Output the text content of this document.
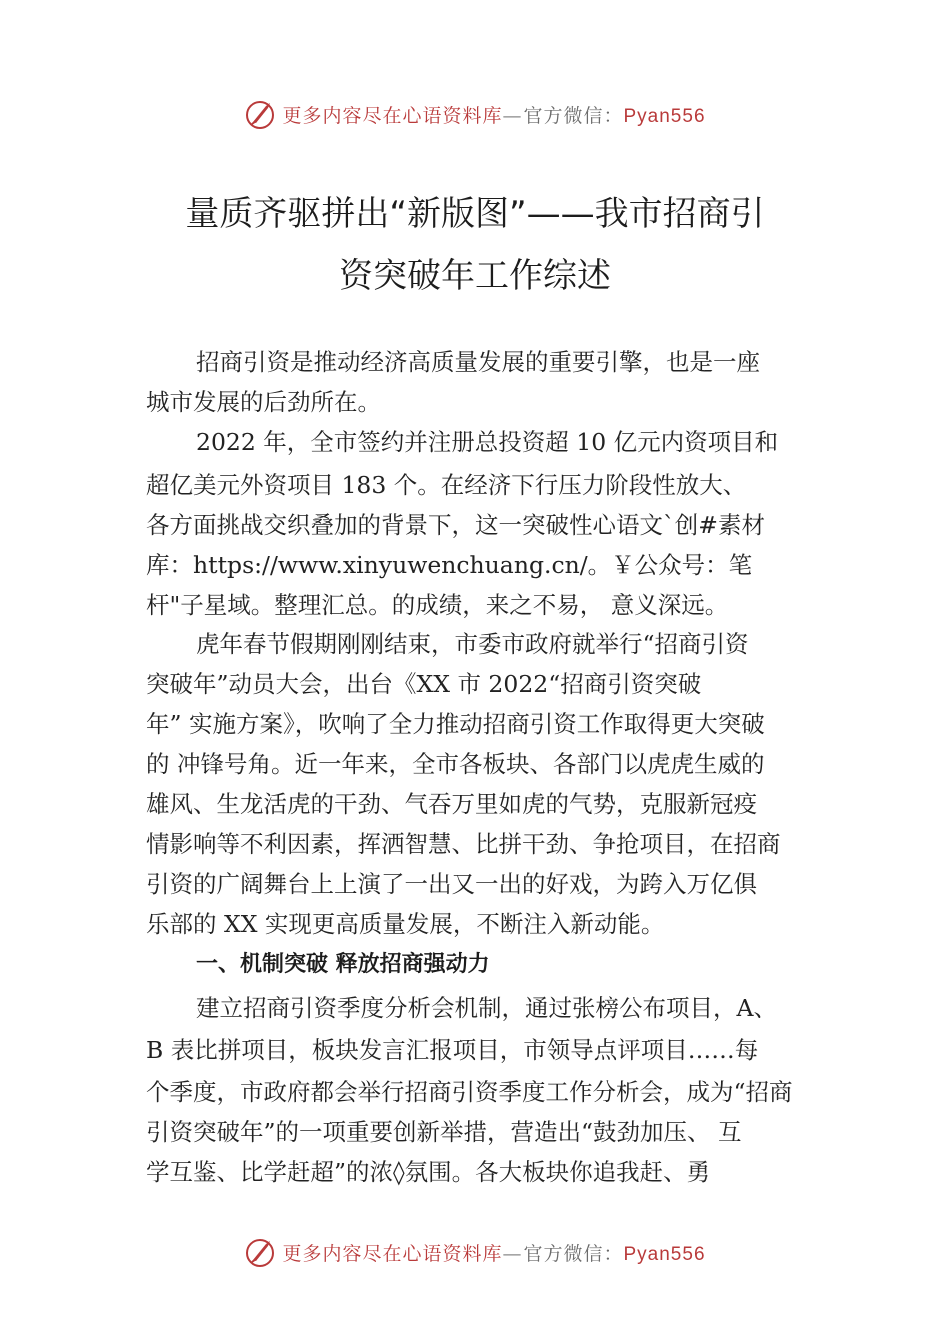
更多内容尽在心语资料库—官方微信：Pyan556
量质齐驱拼出“新版图”——我市招商引
资突破年工作综述
招商引资是推动经济高质量发展的重要引擎，也是一座
城市发展的后劲所在。
2022 年，全市签约并注册总投资超 10 亿元内资项目和
超亿美元外资项目 183 个。在经济下行压力阶段性放大、
各方面挑战交织叠加的背景下，这一突破性心语文`创#素材
库：https://www.xinyuwenchuang.cn/。￥公众号：笔
杆"子星域。整理汇总。的成绩，来之不易， 意义深远。
虎年春节假期刚刚结束，市委市政府就举行“招商引资
突破年”动员大会，出台《XX 市 2022“招商引资突破
年” 实施方案》，吹响了全力推动招商引资工作取得更大突破
的 冲锋号角。近一年来，全市各板块、各部门以虎虎生威的
雄风、生龙活虎的干劲、气吞万里如虎的气势，克服新冠疫
情影响等不利因素，挥洒智慧、比拼干劲、争抢项目，在招商
引资的广阔舞台上上演了一出又一出的好戏，为跨入万亿俱
乐部的 XX 实现更高质量发展，不断注入新动能。
一、机制突破 释放招商强动力
建立招商引资季度分析会机制，通过张榜公布项目，A、
B 表比拼项目，板块发言汇报项目，市领导点评项目……每
个季度，市政府都会举行招商引资季度工作分析会，成为“招商
引资突破年”的一项重要创新举措，营造出“鼓劲加压、 互
学互鉴、比学赶超”的浓◊氛围。各大板块你追我赶、勇
更多内容尽在心语资料库—官方微信：Pyan556
